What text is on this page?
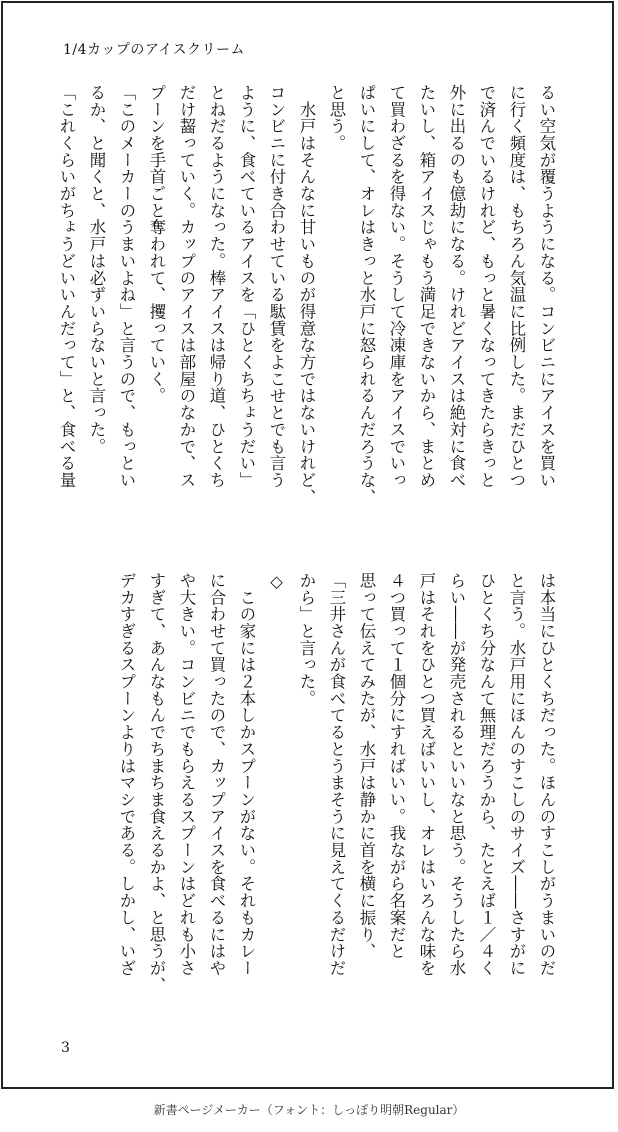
1/4カップのアイスクリーム
るい空気が覆うようになる。コンビニにアイスを買い
に行く頻度は、もちろん気温に比例した。まだひとつ
で済んでいるけれど、もっと暑くなってきたらきっと
外に出るのも億劫になる。けれどアイスは絶対に食べ
たいし、箱アイスじゃもう満足できないから、まとめ
て買わざるを得ない。そうして冷凍庫をアイスでいっ
ぱいにして、オレはきっと水戸に怒られるんだろうな、
と思う。
　水戸はそんなに甘いものが得意な方ではないけれど、
コンビニに付き合わせている駄賃をよこせとでも言う
ように、食べているアイスを「ひとくちちょうだい」
とねだるようになった。棒アイスは帰り道、ひとくち
だけ齧っていく。カップのアイスは部屋のなかで、ス
プーンを手首ごと奪われて、攫っていく。
「このメーカーのうまいよね」と言うので、もっとい
るか、と聞くと、水戸は必ずいらないと言った。
「これくらいがちょうどいいんだって」と、食べる量
は本当にひとくちだった。ほんのすこしがうまいのだ
と言う。水戸用にほんのすこしのサイズ――さすがに
ひとくち分なんて無理だろうから、たとえば１／４く
らい――が発売されるといいなと思う。そうしたら水
戸はそれをひとつ買えばいいし、オレはいろんな味を
４つ買って１個分にすればいい。我ながら名案だと
思って伝えてみたが、水戸は静かに首を横に振り、
「三井さんが食べてるとうまそうに見えてくるだけだ
から」と言った。
◇
　この家には２本しかスプーンがない。それもカレー
に合わせて買ったので、カップアイスを食べるにはや
や大きい。コンビニでもらえるスプーンはどれも小さ
すぎて、あんなもんでちまちま食えるかよ、と思うが、
デカすぎるスプーンよりはマシである。しかし、いざ
3
新書ページメーカー（フォント：しっぽり明朝Regular）
